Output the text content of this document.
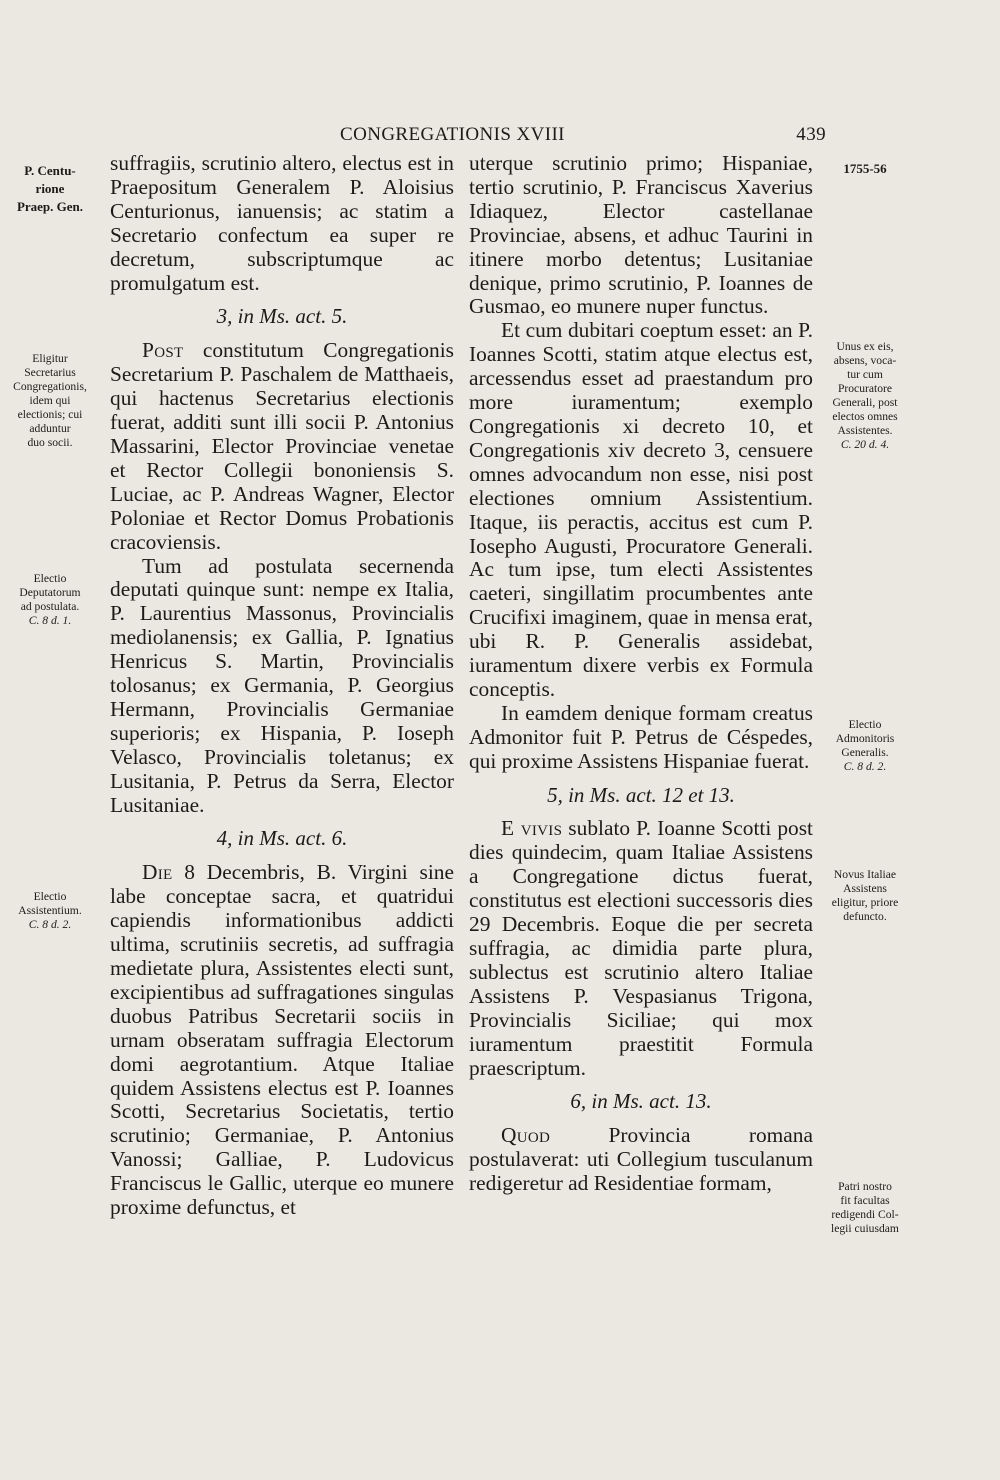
CONGREGATIONIS XVIII	439
P. Centu-
rione
Praep. Gen.
Eligitur
Secretarius
Congregationis,
idem qui
electionis; cui
adduntur
duo socii.
Electio
Deputatorum
ad postulata.
C. 8 d. 1.
Electio
Assistentium.
C. 8 d. 2.
1755-56
Unus ex eis,
absens, voca-
tur cum
Procuratore
Generali, post
electos omnes
Assistentes.
C. 20 d. 4.
Electio
Admonitoris
Generalis.
C. 8 d. 2.
Novus Italiae
Assistens
eligitur, priore
defuncto.
Patri nostro
fit facultas
redigendi Col-
legii cuiusdam

suffragiis, scrutinio altero, electus est in Praepositum Generalem P. Aloisius Centurionus, ianuensis; ac statim a Secretario confectum ea super re decretum, subscriptumque ac promulgatum est.

3, in Ms. act. 5.

Post constitutum Congregationis Secretarium P. Paschalem de Matthaeis, qui hactenus Secretarius electionis fuerat, additi sunt illi socii P. Antonius Massarini, Elector Provinciae venetae et Rector Collegii bononiensis S. Luciae, ac P. Andreas Wagner, Elector Poloniae et Rector Domus Probationis cracoviensis.

Tum ad postulata secernenda deputati quinque sunt: nempe ex Italia, P. Laurentius Massonus, Provincialis mediolanensis; ex Gallia, P. Ignatius Henricus S. Martin, Provincialis tolosanus; ex Germania, P. Georgius Hermann, Provincialis Germaniae superioris; ex Hispania, P. Ioseph Velasco, Provincialis toletanus; ex Lusitania, P. Petrus da Serra, Elector Lusitaniae.

4, in Ms. act. 6.

Die 8 Decembris, B. Virgini sine labe conceptae sacra, et quatridui capiendis informationibus addicti ultima, scrutiniis secretis, ad suffragia medietate plura, Assistentes electi sunt, excipientibus ad suffragationes singulas duobus Patribus Secretarii sociis in urnam obseratam suffragia Electorum domi aegrotantium. Atque Italiae quidem Assistens electus est P. Ioannes Scotti, Secretarius Societatis, tertio scrutinio; Germaniae, P. Antonius Vanossi; Galliae, P. Ludovicus Franciscus le Gallic, uterque eo munere proxime defunctus, et

uterque scrutinio primo; Hispaniae, tertio scrutinio, P. Franciscus Xaverius Idiaquez, Elector castellanae Provinciae, absens, et adhuc Taurini in itinere morbo detentus; Lusitaniae denique, primo scrutinio, P. Ioannes de Gusmao, eo munere nuper functus.

Et cum dubitari coeptum esset: an P. Ioannes Scotti, statim atque electus est, arcessendus esset ad praestandum pro more iuramentum; exemplo Congregationis xi decreto 10, et Congregationis xiv decreto 3, censuere omnes advocandum non esse, nisi post electiones omnium Assistentium. Itaque, iis peractis, accitus est cum P. Iosepho Augusti, Procuratore Generali. Ac tum ipse, tum electi Assistentes caeteri, singillatim procumbentes ante Crucifixi imaginem, quae in mensa erat, ubi R. P. Generalis assidebat, iuramentum dixere verbis ex Formula conceptis.

In eamdem denique formam creatus Admonitor fuit P. Petrus de Céspedes, qui proxime Assistens Hispaniae fuerat.

5, in Ms. act. 12 et 13.

E vivis sublato P. Ioanne Scotti post dies quindecim, quam Italiae Assistens a Congregatione dictus fuerat, constitutus est electioni successoris dies 29 Decembris. Eoque die per secreta suffragia, ac dimidia parte plura, sublectus est scrutinio altero Italiae Assistens P. Vespasianus Trigona, Provincialis Siciliae; qui mox iuramentum praestitit Formula praescriptum.

6, in Ms. act. 13.

Quod Provincia romana postulaverat: uti Collegium tusculanum redigeretur ad Residentiae formam,
